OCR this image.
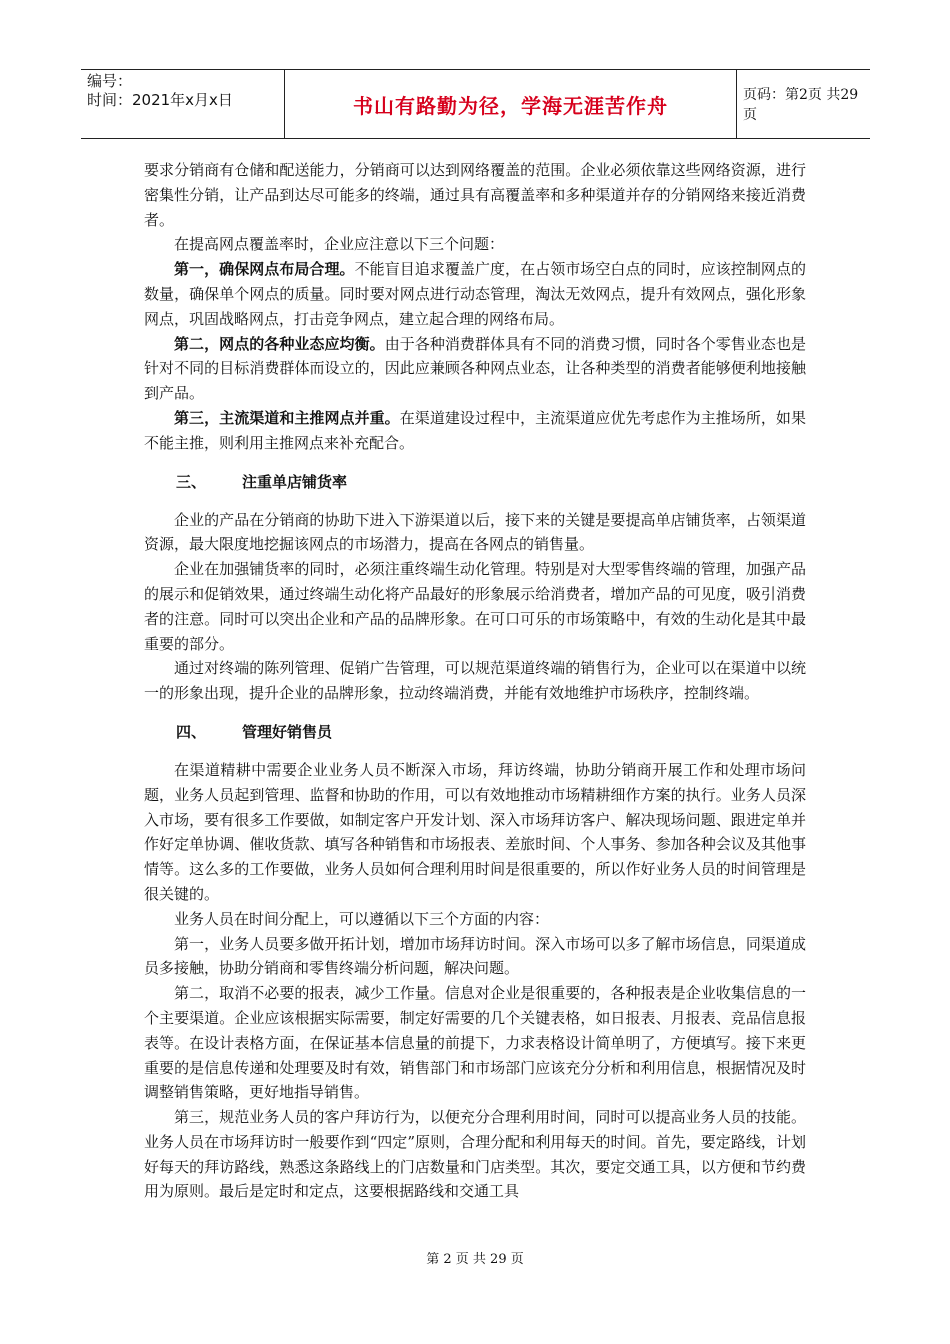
编号：
时间：2021年x月x日	书山有路勤为径，学海无涯苦作舟	页码：第2页 共29页

要求分销商有仓储和配送能力，分销商可以达到网络覆盖的范围。企业必须依靠这些网络资源，进行密集性分销，让产品到达尽可能多的终端，通过具有高覆盖率和多种渠道并存的分销网络来接近消费者。

在提高网点覆盖率时，企业应注意以下三个问题：

第一，确保网点布局合理。不能盲目追求覆盖广度，在占领市场空白点的同时，应该控制网点的数量，确保单个网点的质量。同时要对网点进行动态管理，淘汰无效网点，提升有效网点，强化形象网点，巩固战略网点，打击竞争网点，建立起合理的网络布局。

第二，网点的各种业态应均衡。由于各种消费群体具有不同的消费习惯，同时各个零售业态也是针对不同的目标消费群体而设立的，因此应兼顾各种网点业态，让各种类型的消费者能够便利地接触到产品。

第三，主流渠道和主推网点并重。在渠道建设过程中，主流渠道应优先考虑作为主推场所，如果不能主推，则利用主推网点来补充配合。

三、 注重单店铺货率

企业的产品在分销商的协助下进入下游渠道以后，接下来的关键是要提高单店铺货率，占领渠道资源，最大限度地挖掘该网点的市场潜力，提高在各网点的销售量。

企业在加强铺货率的同时，必须注重终端生动化管理。特别是对大型零售终端的管理，加强产品的展示和促销效果，通过终端生动化将产品最好的形象展示给消费者，增加产品的可见度，吸引消费者的注意。同时可以突出企业和产品的品牌形象。在可口可乐的市场策略中，有效的生动化是其中最重要的部分。

通过对终端的陈列管理、促销广告管理，可以规范渠道终端的销售行为，企业可以在渠道中以统一的形象出现，提升企业的品牌形象，拉动终端消费，并能有效地维护市场秩序，控制终端。

四、 管理好销售员

在渠道精耕中需要企业业务人员不断深入市场，拜访终端，协助分销商开展工作和处理市场问题，业务人员起到管理、监督和协助的作用，可以有效地推动市场精耕细作方案的执行。业务人员深入市场，要有很多工作要做，如制定客户开发计划、深入市场拜访客户、解决现场问题、跟进定单并作好定单协调、催收货款、填写各种销售和市场报表、差旅时间、个人事务、参加各种会议及其他事情等。这么多的工作要做，业务人员如何合理利用时间是很重要的，所以作好业务人员的时间管理是很关键的。

业务人员在时间分配上，可以遵循以下三个方面的内容：

第一，业务人员要多做开拓计划，增加市场拜访时间。深入市场可以多了解市场信息，同渠道成员多接触，协助分销商和零售终端分析问题，解决问题。

第二，取消不必要的报表，减少工作量。信息对企业是很重要的，各种报表是企业收集信息的一个主要渠道。企业应该根据实际需要，制定好需要的几个关键表格，如日报表、月报表、竞品信息报表等。在设计表格方面，在保证基本信息量的前提下，力求表格设计简单明了，方便填写。接下来更重要的是信息传递和处理要及时有效，销售部门和市场部门应该充分分析和利用信息，根据情况及时调整销售策略，更好地指导销售。

第三，规范业务人员的客户拜访行为，以便充分合理利用时间，同时可以提高业务人员的技能。业务人员在市场拜访时一般要作到“四定”原则，合理分配和利用每天的时间。首先，要定路线，计划好每天的拜访路线，熟悉这条路线上的门店数量和门店类型。其次，要定交通工具，以方便和节约费用为原则。最后是定时和定点，这要根据路线和交通工具

第 2 页 共 29 页
